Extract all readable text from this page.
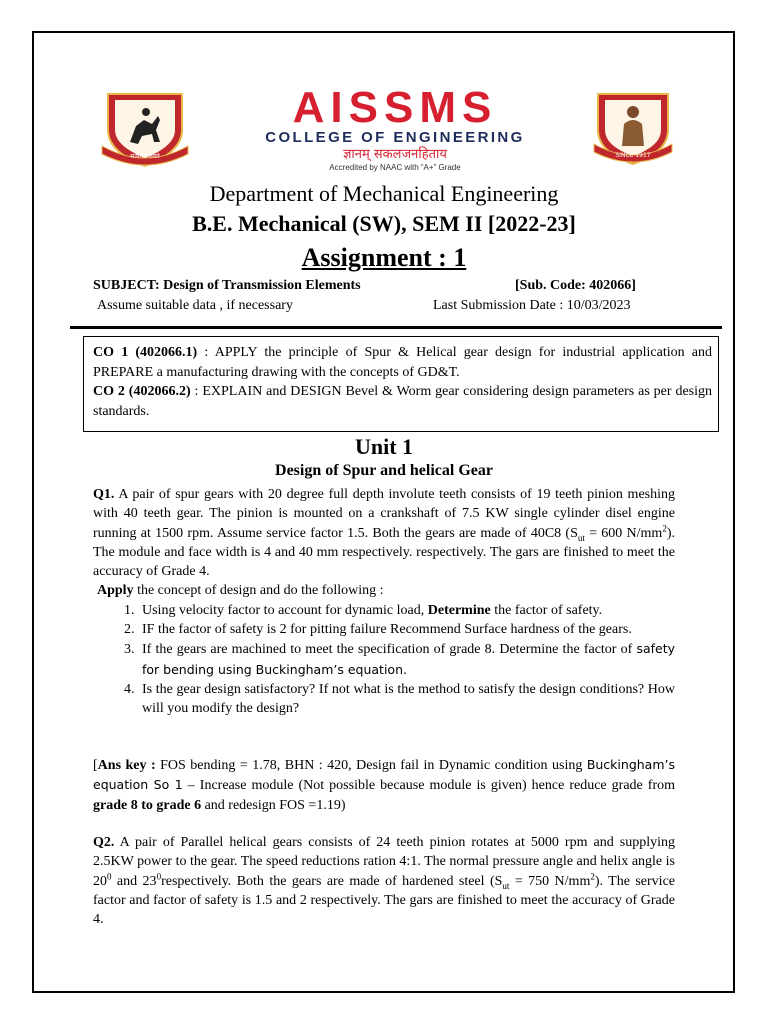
सत्यमेव जयते	SINCE 1917
AISSMS
COLLEGE OF ENGINEERING
ज्ञानम् सकलजनहिताय
Accredited by NAAC with “A+” Grade
Department of Mechanical Engineering
B.E. Mechanical (SW), SEM II [2022-23]
Assignment : 1
SUBJECT: Design of Transmission Elements	[Sub. Code: 402066]
Assume suitable data , if necessary	Last Submission Date : 10/03/2023
CO 1 (402066.1) : APPLY the principle of Spur & Helical gear design for industrial application and PREPARE a manufacturing drawing with the concepts of GD&T.
CO 2 (402066.2) : EXPLAIN and DESIGN Bevel & Worm gear considering design parameters as per design standards.
Unit 1
Design of Spur and helical Gear
Q1. A pair of spur gears with 20 degree full depth involute teeth consists of 19 teeth pinion meshing with 40 teeth gear. The pinion is mounted on a crankshaft of 7.5 KW single cylinder disel engine running at 1500 rpm. Assume service factor 1.5. Both the gears are made of 40C8 ($S_{ut} = 600$ $N/mm^2$). The module and face width is 4 and 40 mm respectively. respectively. The gars are finished to meet the accuracy of Grade 4.
Apply the concept of design and do the following :
1. Using velocity factor to account for dynamic load, Determine the factor of safety.
2. IF the factor of safety is 2 for pitting failure Recommend Surface hardness of the gears.
3. If the gears are machined to meet the specification of grade 8. Determine the factor of safety for bending using Buckingham’s equation.
4. Is the gear design satisfactory? If not what is the method to satisfy the design conditions? How will you modify the design?
[Ans key : FOS bending = 1.78, BHN : 420, Design fail in Dynamic condition using Buckingham’s equation So 1 – Increase module (Not possible because module is given) hence reduce grade from grade 8 to grade 6 and redesign FOS =1.19)
Q2. A pair of Parallel helical gears consists of 24 teeth pinion rotates at 5000 rpm and supplying 2.5KW power to the gear. The speed reductions ration 4:1. The normal pressure angle and helix angle is $20^0$ and $23^0respectively$. Both the gears are made of hardened steel ($S_{ut} = 750$ $N/mm^2$). The service factor and factor of safety is 1.5 and 2 respectively. The gars are finished to meet the accuracy of Grade 4.
